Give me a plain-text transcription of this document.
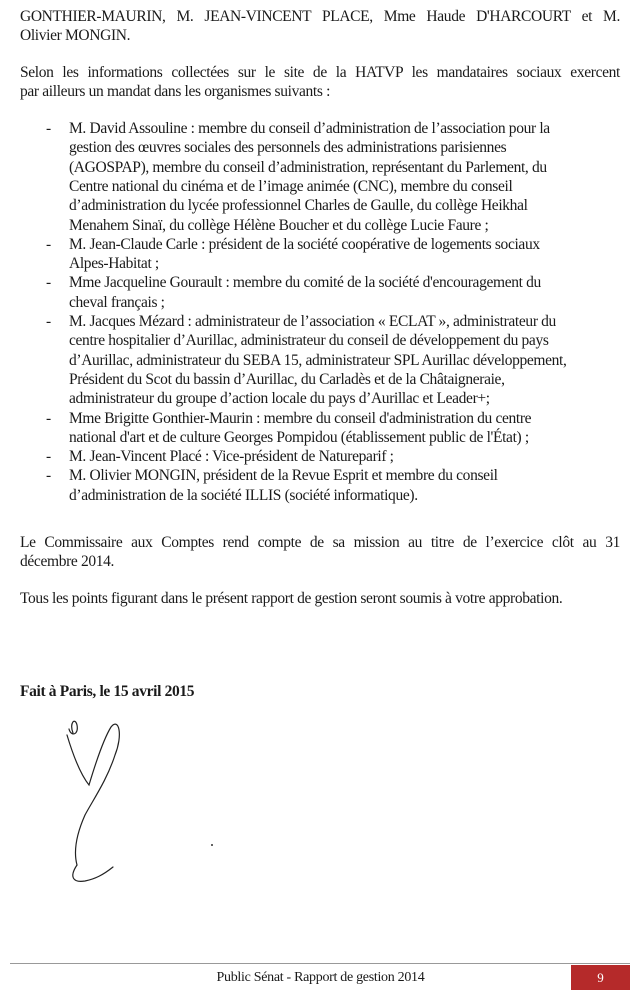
GONTHIER-MAURIN, M. JEAN-VINCENT PLACE, Mme Haude D'HARCOURT et M.
Olivier MONGIN.
Selon les informations collectées sur le site de la HATVP les mandataires sociaux exercent
par ailleurs un mandat dans les organismes suivants :
- M. David Assouline : membre du conseil d’administration de l’association pour la
gestion des œuvres sociales des personnels des administrations parisiennes
(AGOSPAP), membre du conseil d’administration, représentant du Parlement, du
Centre national du cinéma et de l’image animée (CNC), membre du conseil
d’administration du lycée professionnel Charles de Gaulle, du collège Heikhal
Menahem Sinaï, du collège Hélène Boucher et du collège Lucie Faure ;
- M. Jean-Claude Carle : président de la société coopérative de logements sociaux
Alpes-Habitat ;
- Mme Jacqueline Gourault : membre du comité de la société d'encouragement du
cheval français ;
- M. Jacques Mézard : administrateur de l’association « ECLAT », administrateur du
centre hospitalier d’Aurillac, administrateur du conseil de développement du pays
d’Aurillac, administrateur du SEBA 15, administrateur SPL Aurillac développement,
Président du Scot du bassin d’Aurillac, du Carladès et de la Châtaigneraie,
administrateur du groupe d’action locale du pays d’Aurillac et Leader+;
- Mme Brigitte Gonthier-Maurin : membre du conseil d'administration du centre
national d'art et de culture Georges Pompidou (établissement public de l'État) ;
- M. Jean-Vincent Placé : Vice-président de Natureparif ;
- M. Olivier MONGIN, président de la Revue Esprit et membre du conseil
d’administration de la société ILLIS (société informatique).
Le Commissaire aux Comptes rend compte de sa mission au titre de l’exercice clôt au 31
décembre 2014.
Tous les points figurant dans le présent rapport de gestion seront soumis à votre approbation.
Fait à Paris, le 15 avril 2015
Public Sénat - Rapport de gestion 2014	9
